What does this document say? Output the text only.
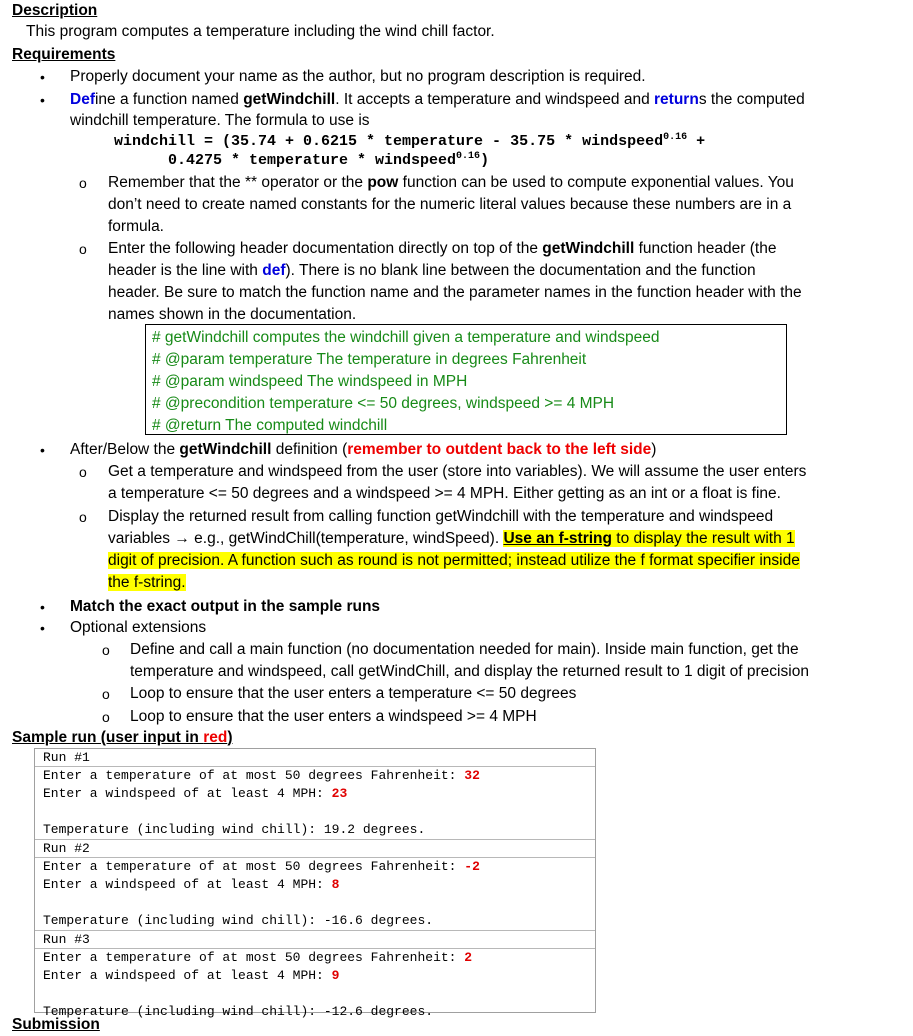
Description
This program computes a temperature including the wind chill factor.
Requirements
• Properly document your name as the author, but no program description is required.
• Define a function named getWindchill. It accepts a temperature and windspeed and returns the computed
windchill temperature. The formula to use is
windchill = (35.74 + 0.6215 * temperature - 35.75 * windspeed$^{0.16}$ +
0.4275 * temperature * windspeed$^{0.16}$)
o Remember that the ** operator or the pow function can be used to compute exponential values. You
don’t need to create named constants for the numeric literal values because these numbers are in a
formula.
o Enter the following header documentation directly on top of the getWindchill function header (the
header is the line with def). There is no blank line between the documentation and the function
header. Be sure to match the function name and the parameter names in the function header with the
names shown in the documentation.
# getWindchill computes the windchill given a temperature and windspeed
# @param temperature The temperature in degrees Fahrenheit
# @param windspeed The windspeed in MPH
# @precondition temperature <= 50 degrees, windspeed >= 4 MPH
# @return The computed windchill
• After/Below the getWindchill definition (remember to outdent back to the left side)
o Get a temperature and windspeed from the user (store into variables). We will assume the user enters
a temperature <= 50 degrees and a windspeed >= 4 MPH. Either getting as an int or a float is fine.
o Display the returned result from calling function getWindchill with the temperature and windspeed
variables → e.g., getWindChill(temperature, windSpeed). Use an f-string to display the result with 1
digit of precision. A function such as round is not permitted; instead utilize the f format specifier inside
the f-string.
• Match the exact output in the sample runs
• Optional extensions
o Define and call a main function (no documentation needed for main). Inside main function, get the
temperature and windspeed, call getWindChill, and display the returned result to 1 digit of precision
o Loop to ensure that the user enters a temperature <= 50 degrees
o Loop to ensure that the user enters a windspeed >= 4 MPH
Sample run (user input in red)
Run #1
Enter a temperature of at most 50 degrees Fahrenheit: 32
Enter a windspeed of at least 4 MPH: 23
Temperature (including wind chill): 19.2 degrees.
Run #2
Enter a temperature of at most 50 degrees Fahrenheit: -2
Enter a windspeed of at least 4 MPH: 8
Temperature (including wind chill): -16.6 degrees.
Run #3
Enter a temperature of at most 50 degrees Fahrenheit: 2
Enter a windspeed of at least 4 MPH: 9
Temperature (including wind chill): -12.6 degrees.
Submission
